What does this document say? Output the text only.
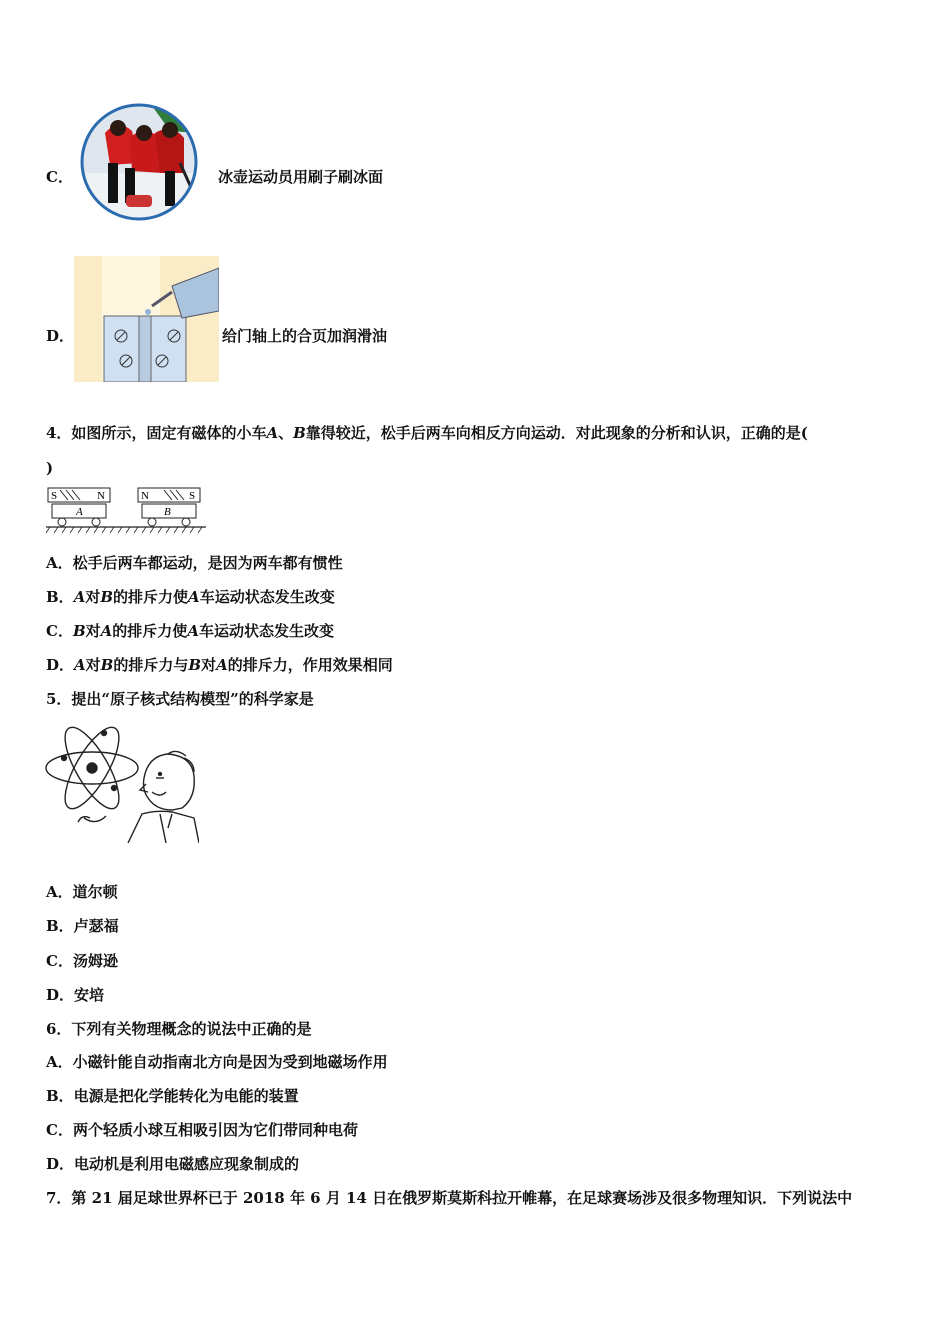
C．	冰壶运动员用刷子刷冰面
D．	给门轴上的合页加润滑油
4．如图所示，固定有磁体的小车A、B靠得较近，松手后两车向相反方向运动．对此现象的分析和认识，正确的是(
)
S	N
A
N	S
B
A．松手后两车都运动，是因为两车都有惯性
B．A对B的排斥力使A车运动状态发生改变
C．B对A的排斥力使A车运动状态发生改变
D．A对B的排斥力与B对A的排斥力，作用效果相同
5．提出“原子核式结构模型”的科学家是
A．道尔顿
B．卢瑟福
C．汤姆逊
D．安培
6．下列有关物理概念的说法中正确的是
A．小磁针能自动指南北方向是因为受到地磁场作用
B．电源是把化学能转化为电能的装置
C．两个轻质小球互相吸引因为它们带同种电荷
D．电动机是利用电磁感应现象制成的
7．第 21 届足球世界杯已于 2018 年 6 月 14 日在俄罗斯莫斯科拉开帷幕，在足球赛场涉及很多物理知识．下列说法中
